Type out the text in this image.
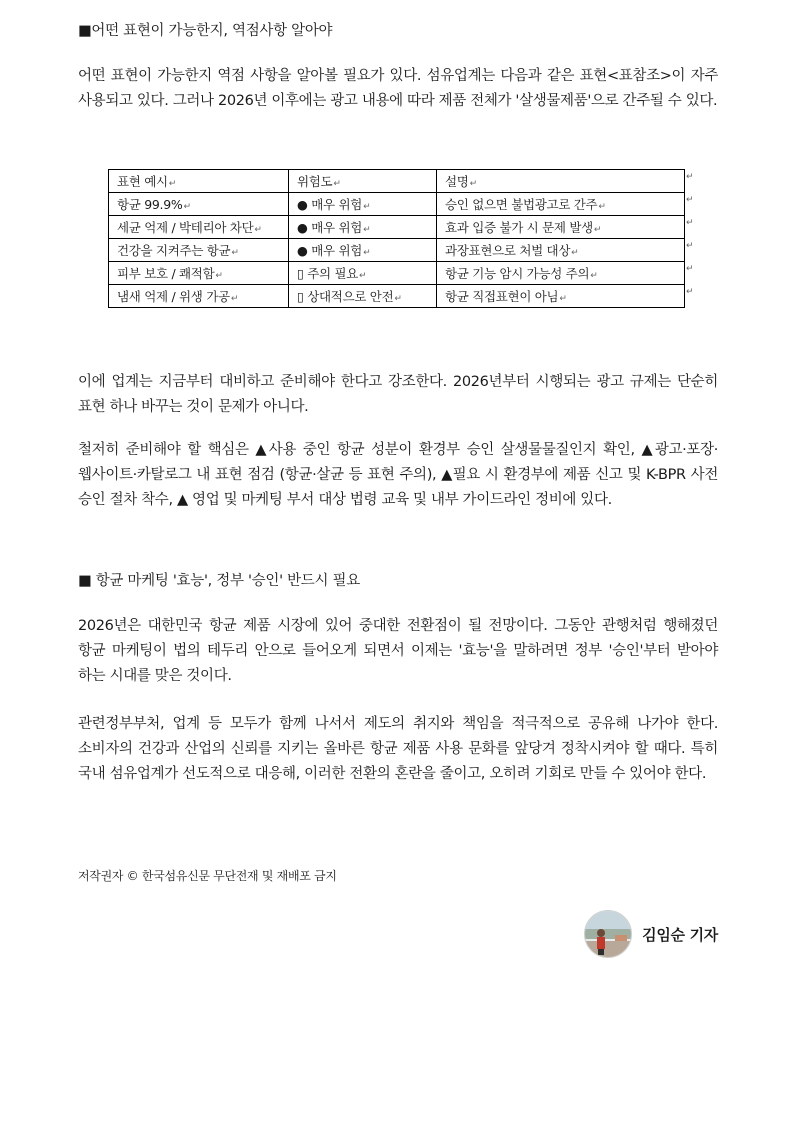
■어떤 표현이 가능한지, 역점사항 알아야

어떤 표현이 가능한지 역점 사항을 알아볼 필요가 있다. 섬유업계는 다음과 같은 표현<표참조>이 자주 사용되고 있다. 그러나 2026년 이후에는 광고 내용에 따라 제품 전체가 '살생물제품'으로 간주될 수 있다.

표현 예시↵	위험도↵	설명↵
항균 99.9%↵	● 매우 위험↵	승인 없으면 불법광고로 간주↵
세균 억제 / 박테리아 차단↵	● 매우 위험↵	효과 입증 불가 시 문제 발생↵
건강을 지켜주는 항균↵	● 매우 위험↵	과장표현으로 처벌 대상↵
피부 보호 / 쾌적함↵	▯ 주의 필요↵	항균 기능 암시 가능성 주의↵
냄새 억제 / 위생 가공↵	▯ 상대적으로 안전↵	항균 직접표현이 아님↵

이에 업계는 지금부터 대비하고 준비해야 한다고 강조한다. 2026년부터 시행되는 광고 규제는 단순히 표현 하나 바꾸는 것이 문제가 아니다.

철저히 준비해야 할 핵심은 ▲사용 중인 항균 성분이 환경부 승인 살생물물질인지 확인, ▲광고·포장·웹사이트·카탈로그 내 표현 점검 (항균·살균 등 표현 주의), ▲필요 시 환경부에 제품 신고 및 K-BPR 사전 승인 절차 착수, ▲ 영업 및 마케팅 부서 대상 법령 교육 및 내부 가이드라인 정비에 있다.

■ 항균 마케팅 '효능', 정부 '승인' 반드시 필요

2026년은 대한민국 항균 제품 시장에 있어 중대한 전환점이 될 전망이다. 그동안 관행처럼 행해졌던 항균 마케팅이 법의 테두리 안으로 들어오게 되면서 이제는 '효능'을 말하려면 정부 '승인'부터 받아야 하는 시대를 맞은 것이다.

관련정부부처, 업계 등 모두가 함께 나서서 제도의 취지와 책임을 적극적으로 공유해 나가야 한다. 소비자의 건강과 산업의 신뢰를 지키는 올바른 항균 제품 사용 문화를 앞당겨 정착시켜야 할 때다. 특히 국내 섬유업계가 선도적으로 대응해, 이러한 전환의 혼란을 줄이고, 오히려 기회로 만들 수 있어야 한다.

저작권자 © 한국섬유신문 무단전재 및 재배포 금지
김임순 기자
↵
↵
↵
↵
↵
↵
